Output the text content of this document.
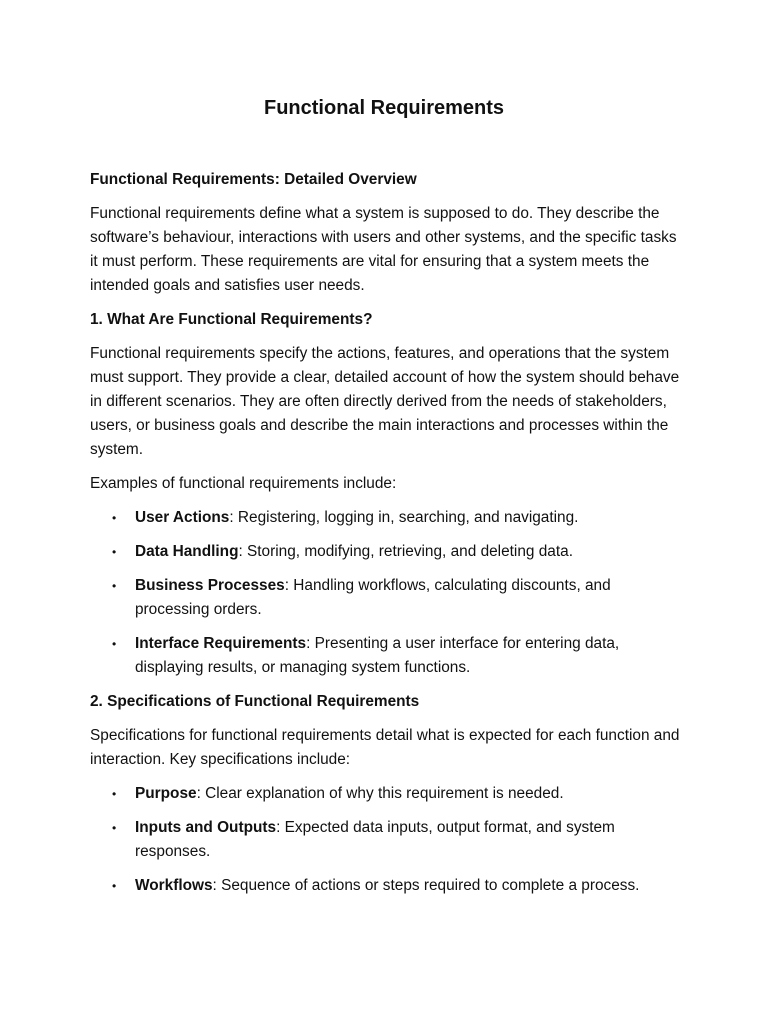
Functional Requirements
Functional Requirements: Detailed Overview

Functional requirements define what a system is supposed to do. They describe the software’s behaviour, interactions with users and other systems, and the specific tasks it must perform. These requirements are vital for ensuring that a system meets the intended goals and satisfies user needs.

1. What Are Functional Requirements?

Functional requirements specify the actions, features, and operations that the system must support. They provide a clear, detailed account of how the system should behave in different scenarios. They are often directly derived from the needs of stakeholders, users, or business goals and describe the main interactions and processes within the system.

Examples of functional requirements include:

• User Actions: Registering, logging in, searching, and navigating.
• Data Handling: Storing, modifying, retrieving, and deleting data.
• Business Processes: Handling workflows, calculating discounts, and processing orders.
• Interface Requirements: Presenting a user interface for entering data, displaying results, or managing system functions.
2. Specifications of Functional Requirements

Specifications for functional requirements detail what is expected for each function and interaction. Key specifications include:

• Purpose: Clear explanation of why this requirement is needed.
• Inputs and Outputs: Expected data inputs, output format, and system responses.
• Workflows: Sequence of actions or steps required to complete a process.
